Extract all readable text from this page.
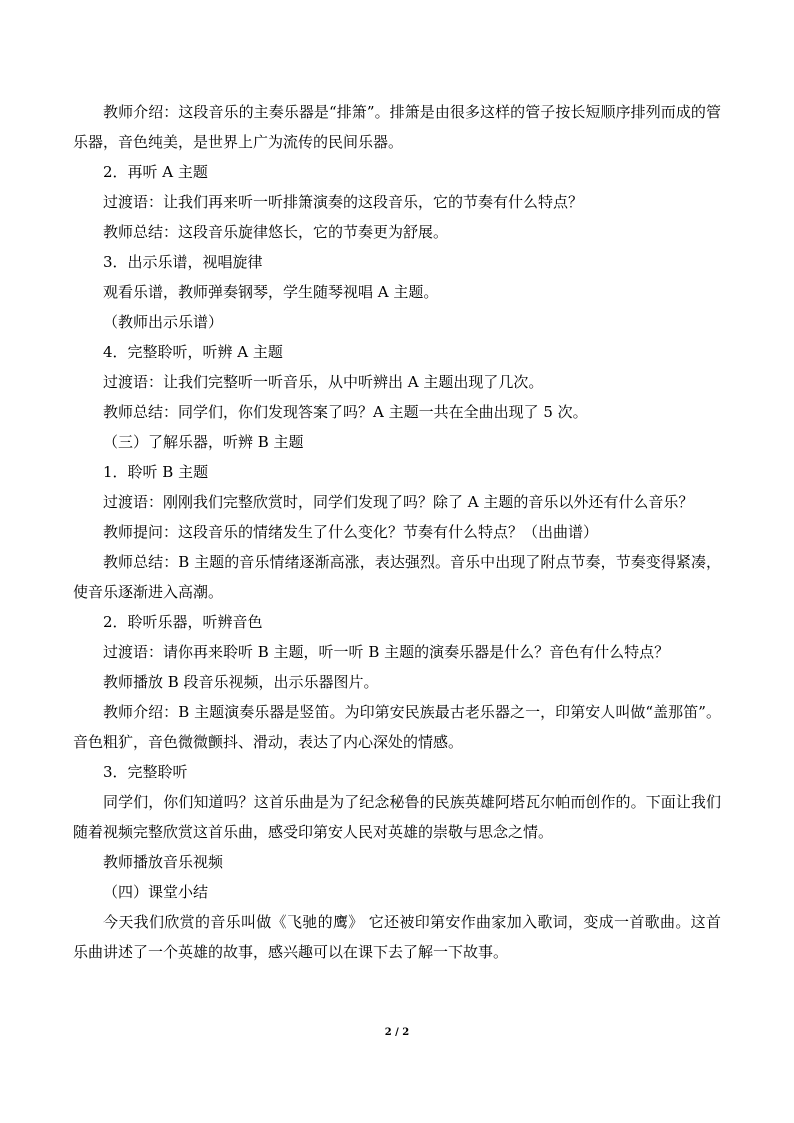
教师介绍：这段音乐的主奏乐器是“排箫”。排箫是由很多这样的管子按长短顺序排列而成的管乐器，音色纯美，是世界上广为流传的民间乐器。

2．再听 A 主题

过渡语：让我们再来听一听排箫演奏的这段音乐，它的节奏有什么特点？

教师总结：这段音乐旋律悠长，它的节奏更为舒展。

3．出示乐谱，视唱旋律

观看乐谱，教师弹奏钢琴，学生随琴视唱 A 主题。

（教师出示乐谱）

4．完整聆听，听辨 A 主题

过渡语：让我们完整听一听音乐，从中听辨出 A 主题出现了几次。

教师总结：同学们，你们发现答案了吗？A 主题一共在全曲出现了 5 次。

（三）了解乐器，听辨 B 主题

1．聆听 B 主题

过渡语：刚刚我们完整欣赏时，同学们发现了吗？除了 A 主题的音乐以外还有什么音乐？

教师提问：这段音乐的情绪发生了什么变化？节奏有什么特点？（出曲谱）

教师总结：B 主题的音乐情绪逐渐高涨，表达强烈。音乐中出现了附点节奏，节奏变得紧凑，使音乐逐渐进入高潮。

2．聆听乐器，听辨音色

过渡语：请你再来聆听 B 主题，听一听 B 主题的演奏乐器是什么？音色有什么特点？

教师播放 B 段音乐视频，出示乐器图片。

教师介绍：B 主题演奏乐器是竖笛。为印第安民族最古老乐器之一，印第安人叫做“盖那笛”。音色粗犷，音色微微颤抖、滑动，表达了内心深处的情感。

3．完整聆听

同学们，你们知道吗？这首乐曲是为了纪念秘鲁的民族英雄阿塔瓦尔帕而创作的。下面让我们随着视频完整欣赏这首乐曲，感受印第安人民对英雄的崇敬与思念之情。

教师播放音乐视频

（四）课堂小结

今天我们欣赏的音乐叫做《飞驰的鹰》 它还被印第安作曲家加入歌词，变成一首歌曲。这首乐曲讲述了一个英雄的故事，感兴趣可以在课下去了解一下故事。

2 / 2
